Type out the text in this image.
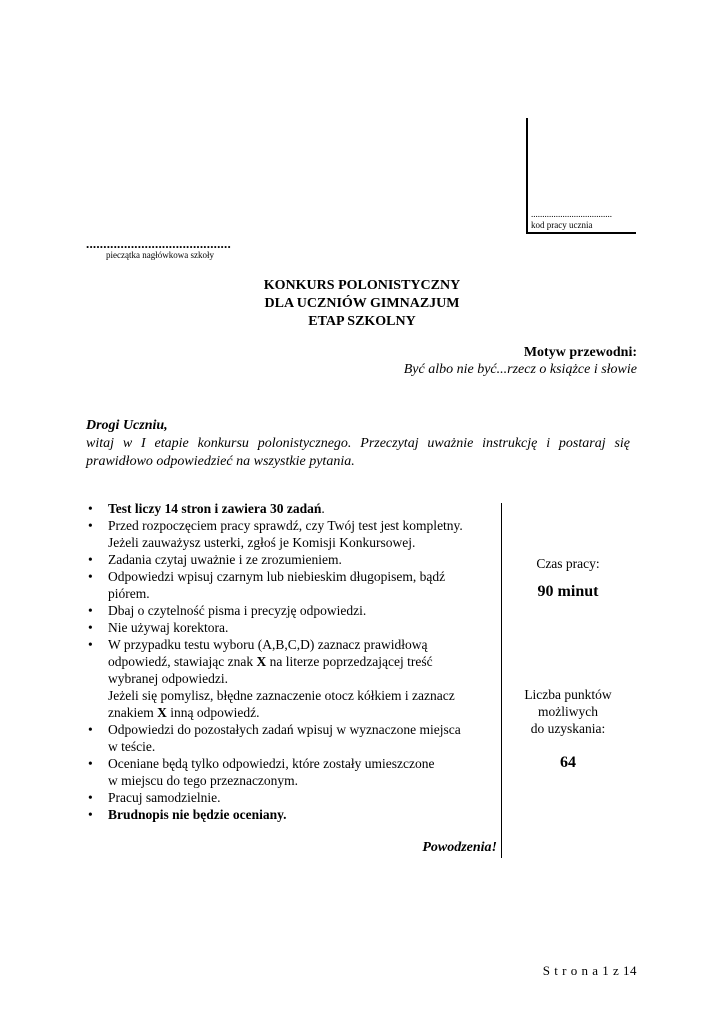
....................................
kod pracy ucznia
..........................................
pieczątka nagłówkowa szkoły
KONKURS POLONISTYCZNY
DLA UCZNIÓW GIMNAZJUM
ETAP SZKOLNY
Motyw przewodni:
Być albo nie być...rzecz o książce i słowie
Drogi Uczniu,
witaj w I etapie konkursu polonistycznego. Przeczytaj uważnie instrukcję i postaraj się prawidłowo odpowiedzieć na wszystkie pytania.
• Test liczy 14 stron i zawiera 30 zadań.
• Przed rozpoczęciem pracy sprawdź, czy Twój test jest kompletny.
Jeżeli zauważysz usterki, zgłoś je Komisji Konkursowej.
• Zadania czytaj uważnie i ze zrozumieniem.
• Odpowiedzi wpisuj czarnym lub niebieskim długopisem, bądź
piórem.
• Dbaj o czytelność pisma i precyzję odpowiedzi.
• Nie używaj korektora.
• W przypadku testu wyboru (A,B,C,D) zaznacz prawidłową
odpowiedź, stawiając znak X na literze poprzedzającej treść
wybranej odpowiedzi.
Jeżeli się pomylisz, błędne zaznaczenie otocz kółkiem i zaznacz
znakiem X inną odpowiedź.
• Odpowiedzi do pozostałych zadań wpisuj w wyznaczone miejsca
w teście.
• Oceniane będą tylko odpowiedzi, które zostały umieszczone
w miejscu do tego przeznaczonym.
• Pracuj samodzielnie.
• Brudnopis nie będzie oceniany.
Powodzenia!
Czas pracy:
90 minut
Liczba punktów
możliwych
do uzyskania:
64
S t r o n a 1 z 14
